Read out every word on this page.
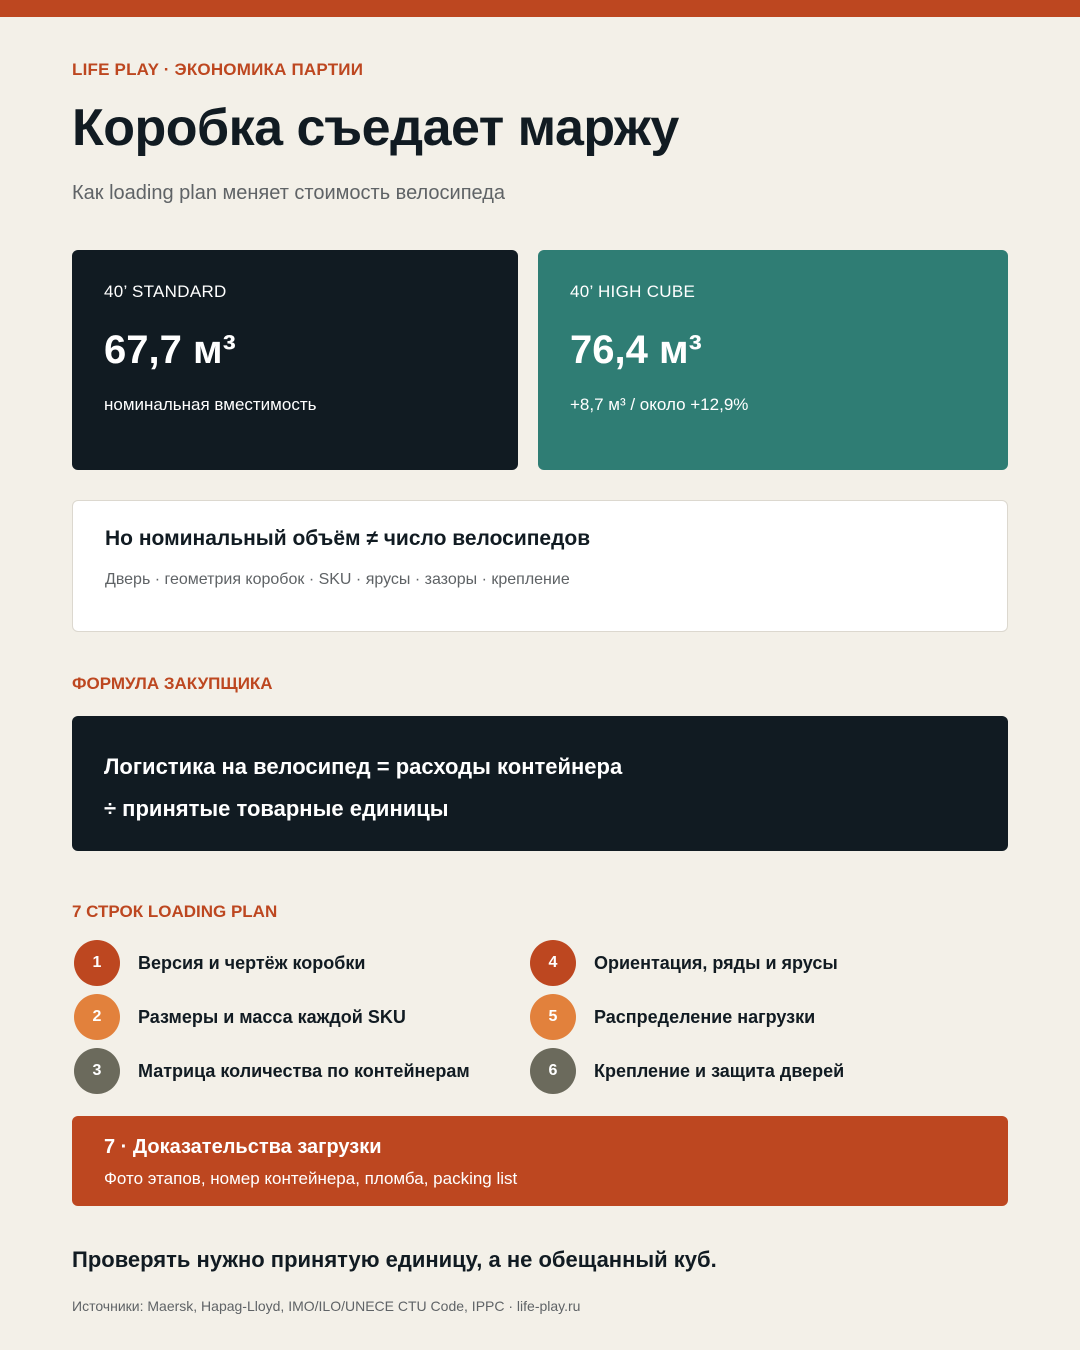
LIFE PLAY · ЭКОНОМИКА ПАРТИИ
Коробка съедает маржу
Как loading plan меняет стоимость велосипеда
40’ STANDARD
67,7 м³
номинальная вместимость
40’ HIGH CUBE
76,4 м³
+8,7 м³ / около +12,9%
Но номинальный объём ≠ число велосипедов
Дверь · геометрия коробок · SKU · ярусы · зазоры · крепление
ФОРМУЛА ЗАКУПЩИКА
Логистика на велосипед = расходы контейнера
÷ принятые товарные единицы
7 СТРОК LOADING PLAN
1	Версия и чертёж коробки
2	Размеры и масса каждой SKU
3	Матрица количества по контейнерам
4	Ориентация, ряды и ярусы
5	Распределение нагрузки
6	Крепление и защита дверей
7 · Доказательства загрузки
Фото этапов, номер контейнера, пломба, packing list
Проверять нужно принятую единицу, а не обещанный куб.
Источники: Maersk, Hapag-Lloyd, IMO/ILO/UNECE CTU Code, IPPC · life-play.ru
